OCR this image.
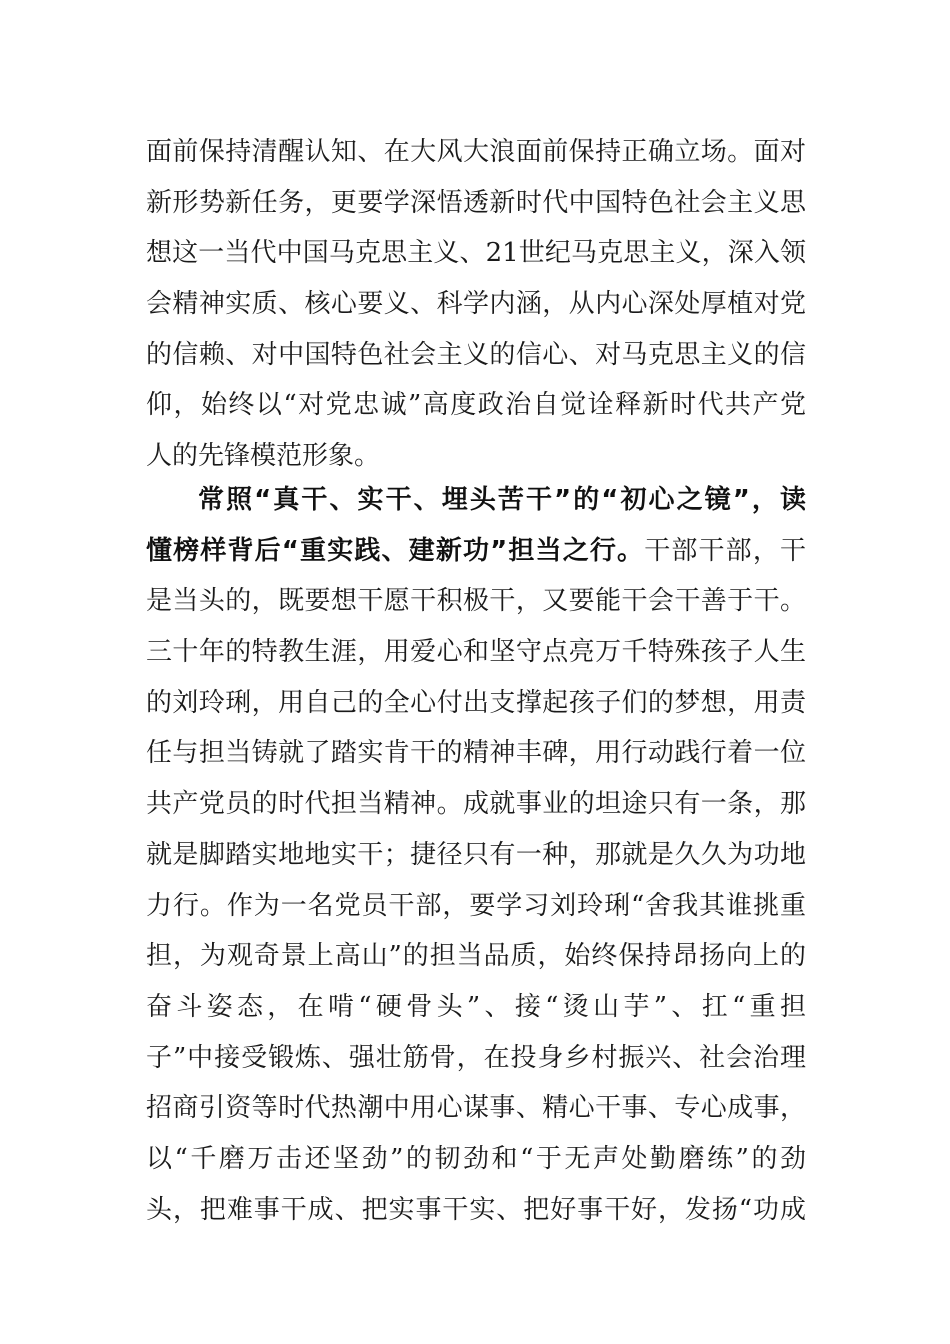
面前保持清醒认知、在大风大浪面前保持正确立场。面对
新形势新任务，更要学深悟透新时代中国特色社会主义思
想这一当代中国马克思主义、21世纪马克思主义，深入领
会精神实质、核心要义、科学内涵，从内心深处厚植对党
的信赖、对中国特色社会主义的信心、对马克思主义的信
仰，始终以“对党忠诚”高度政治自觉诠释新时代共产党
人的先锋模范形象。
常照“真干、实干、埋头苦干”的“初心之镜”，读
懂榜样背后“重实践、建新功”担当之行。干部干部，干
是当头的，既要想干愿干积极干，又要能干会干善于干。
三十年的特教生涯，用爱心和坚守点亮万千特殊孩子人生
的刘玲琍，用自己的全心付出支撑起孩子们的梦想，用责
任与担当铸就了踏实肯干的精神丰碑，用行动践行着一位
共产党员的时代担当精神。成就事业的坦途只有一条，那
就是脚踏实地地实干；捷径只有一种，那就是久久为功地
力行。作为一名党员干部，要学习刘玲琍“舍我其谁挑重
担，为观奇景上高山”的担当品质，始终保持昂扬向上的
奋斗姿态，在啃“硬骨头”、接“烫山芋”、扛“重担
子”中接受锻炼、强壮筋骨，在投身乡村振兴、社会治理
招商引资等时代热潮中用心谋事、精心干事、专心成事，
以“千磨万击还坚劲”的韧劲和“于无声处勤磨练”的劲
头，把难事干成、把实事干实、把好事干好，发扬“功成
